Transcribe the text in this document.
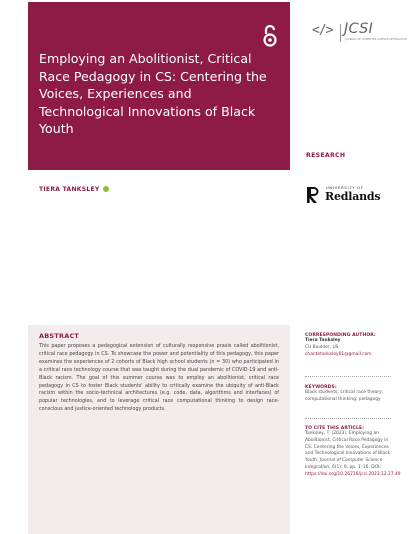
Employing an Abolitionist, Critical Race Pedagogy in CS: Centering the Voices, Experiences and Technological Innovations of Black Youth
</> JCSI
JOURNAL OF COMPUTER SCIENCE INTEGRATION
RESEARCH
TIERA TANKSLEY	UNIVERSITY OF
Redlands
ABSTRACT
This paper proposes a pedagogical extension of culturally responsive praxis called abolitionist, critical race pedagogy in CS. To showcase the power and potentiality of this pedagogy, this paper examines the experiences of 2 cohorts of Black high school students (n = 30) who participated in a critical race technology course that was taught during the dual pandemic of COVID-19 and anti-Black racism. The goal of this summer course was to employ an abolitionist, critical race pedagogy in CS to foster Black students' ability to critically examine the ubiquity of anti-Black racism within the socio-technical architectures (e.g. code, data, algorithms and interfaces) of popular technologies, and to leverage critical race computational thinking to design race-conscious and justice-oriented technology products.
CORRESPONDING AUTHOR:
Tiera Tanksley
CU Boulder, US
chantetanksley01@gmail.com
KEYWORDS:
Black students; critical race theory; computational thinking; pedagogy
TO CITE THIS ARTICLE:
Tanksley, T. (2023). Employing an Abolitionist, Critical Race Pedagogy in CS: Centering the Voices, Experiences and Technological Innovations of Black Youth. Journal of Computer Science Integration, 6(1): 9, pp. 1–16. DOI: https://doi.org/10.26716/jcsi.2023.12.27.49
